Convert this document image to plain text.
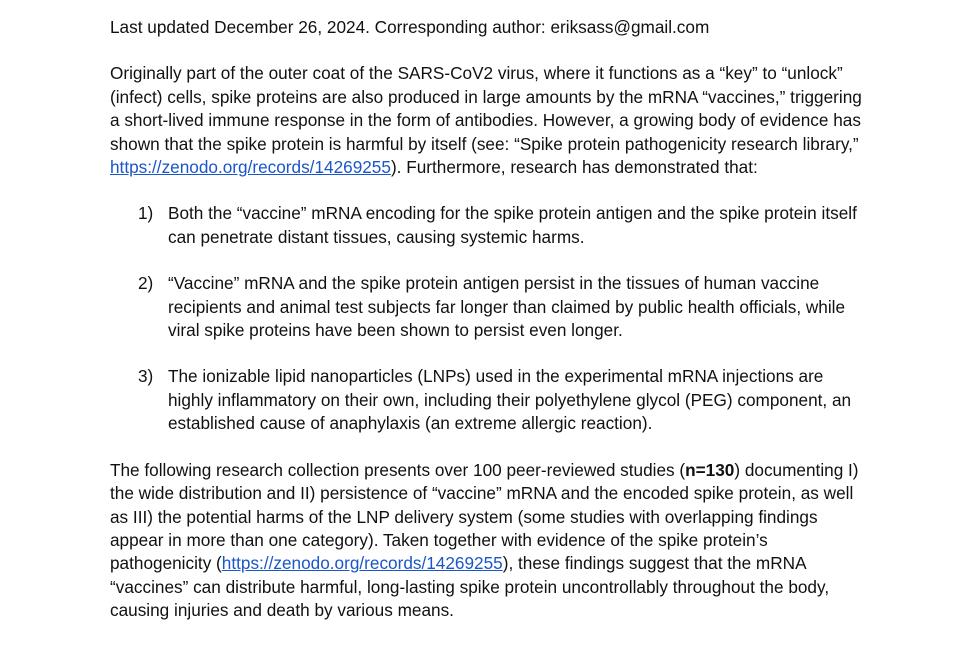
Last updated December 26, 2024. Corresponding author: eriksass@gmail.com

Originally part of the outer coat of the SARS-CoV2 virus, where it functions as a “key” to “unlock” (infect) cells, spike proteins are also produced in large amounts by the mRNA “vaccines,” triggering a short-lived immune response in the form of antibodies. However, a growing body of evidence has shown that the spike protein is harmful by itself (see: “Spike protein pathogenicity research library,” https://zenodo.org/records/14269255). Furthermore, research has demonstrated that:

1) Both the “vaccine” mRNA encoding for the spike protein antigen and the spike protein itself can penetrate distant tissues, causing systemic harms.
2) “Vaccine” mRNA and the spike protein antigen persist in the tissues of human vaccine recipients and animal test subjects far longer than claimed by public health officials, while viral spike proteins have been shown to persist even longer.
3) The ionizable lipid nanoparticles (LNPs) used in the experimental mRNA injections are highly inflammatory on their own, including their polyethylene glycol (PEG) component, an established cause of anaphylaxis (an extreme allergic reaction).

The following research collection presents over 100 peer-reviewed studies (n=130) documenting I) the wide distribution and II) persistence of “vaccine” mRNA and the encoded spike protein, as well as III) the potential harms of the LNP delivery system (some studies with overlapping findings appear in more than one category). Taken together with evidence of the spike protein’s pathogenicity (https://zenodo.org/records/14269255), these findings suggest that the mRNA “vaccines” can distribute harmful, long-lasting spike protein uncontrollably throughout the body, causing injuries and death by various means.
